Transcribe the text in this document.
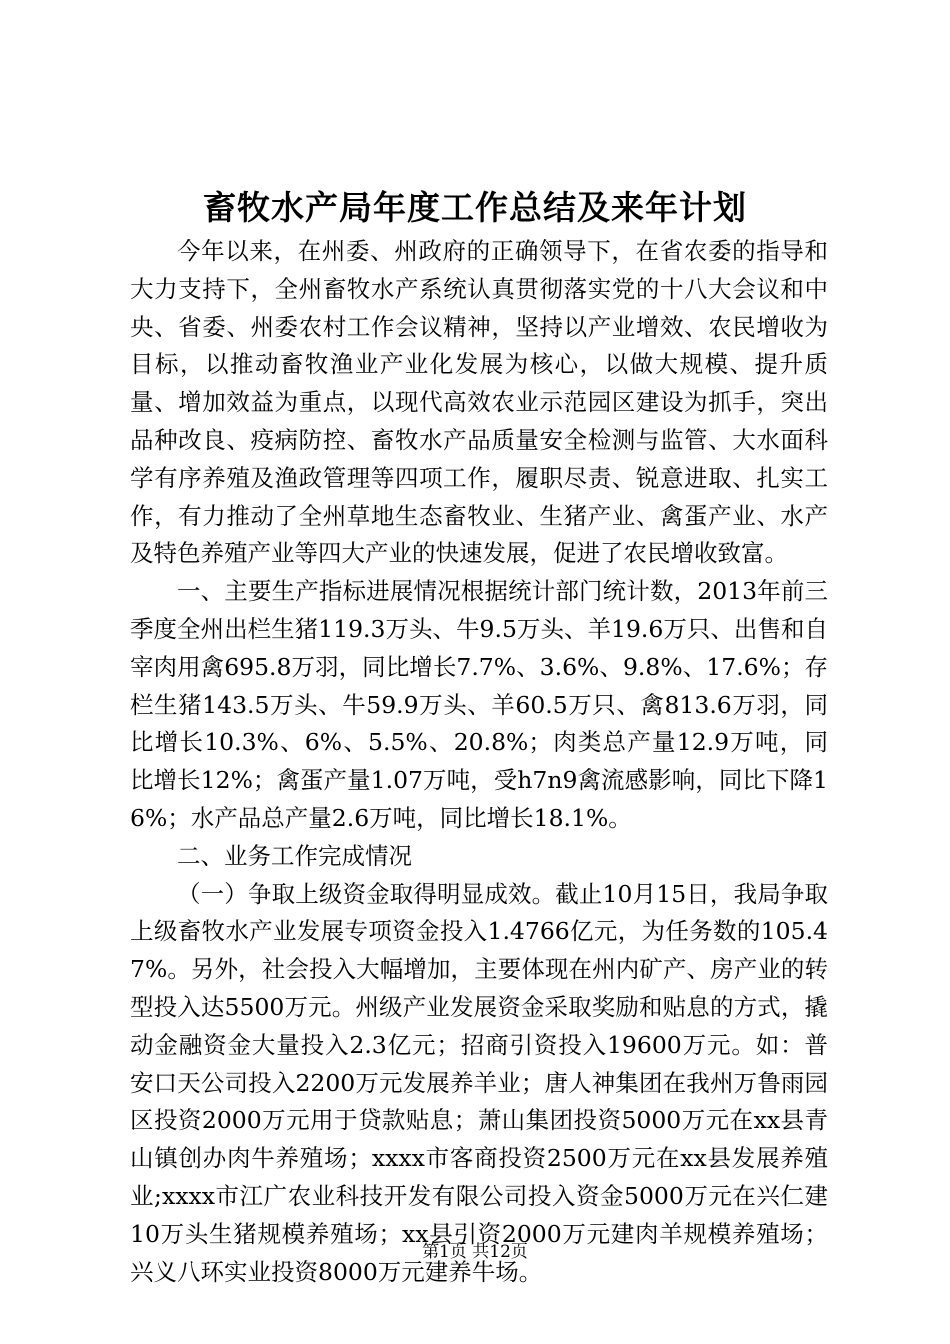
畜牧水产局年度工作总结及来年计划

今年以来，在州委、州政府的正确领导下，在省农委的指导和大力支持下，全州畜牧水产系统认真贯彻落实党的十八大会议和中央、省委、州委农村工作会议精神，坚持以产业增效、农民增收为目标，以推动畜牧渔业产业化发展为核心，以做大规模、提升质量、增加效益为重点，以现代高效农业示范园区建设为抓手，突出品种改良、疫病防控、畜牧水产品质量安全检测与监管、大水面科学有序养殖及渔政管理等四项工作，履职尽责、锐意进取、扎实工作，有力推动了全州草地生态畜牧业、生猪产业、禽蛋产业、水产及特色养殖产业等四大产业的快速发展，促进了农民增收致富。

一、主要生产指标进展情况根据统计部门统计数，2013年前三季度全州出栏生猪119.3万头、牛9.5万头、羊19.6万只、出售和自宰肉用禽695.8万羽，同比增长7.7%、3.6%、9.8%、17.6%；存栏生猪143.5万头、牛59.9万头、羊60.5万只、禽813.6万羽，同比增长10.3%、6%、5.5%、20.8%；肉类总产量12.9万吨，同比增长12%；禽蛋产量1.07万吨，受h7n9禽流感影响，同比下降16%；水产品总产量2.6万吨，同比增长18.1%。

二、业务工作完成情况

（一）争取上级资金取得明显成效。截止10月15日，我局争取上级畜牧水产业发展专项资金投入1.4766亿元，为任务数的105.47%。另外，社会投入大幅增加，主要体现在州内矿产、房产业的转型投入达5500万元。州级产业发展资金采取奖励和贴息的方式，撬动金融资金大量投入2.3亿元；招商引资投入19600万元。如：普安口天公司投入2200万元发展养羊业；唐人神集团在我州万鲁雨园区投资2000万元用于贷款贴息；萧山集团投资5000万元在xx县青山镇创办肉牛养殖场；xxxx市客商投资2500万元在xx县发展养殖业;xxxx市江广农业科技开发有限公司投入资金5000万元在兴仁建10万头生猪规模养殖场；xx县引资2000万元建肉羊规模养殖场；兴义八环实业投资8000万元建养牛场。

第1页 共12页
